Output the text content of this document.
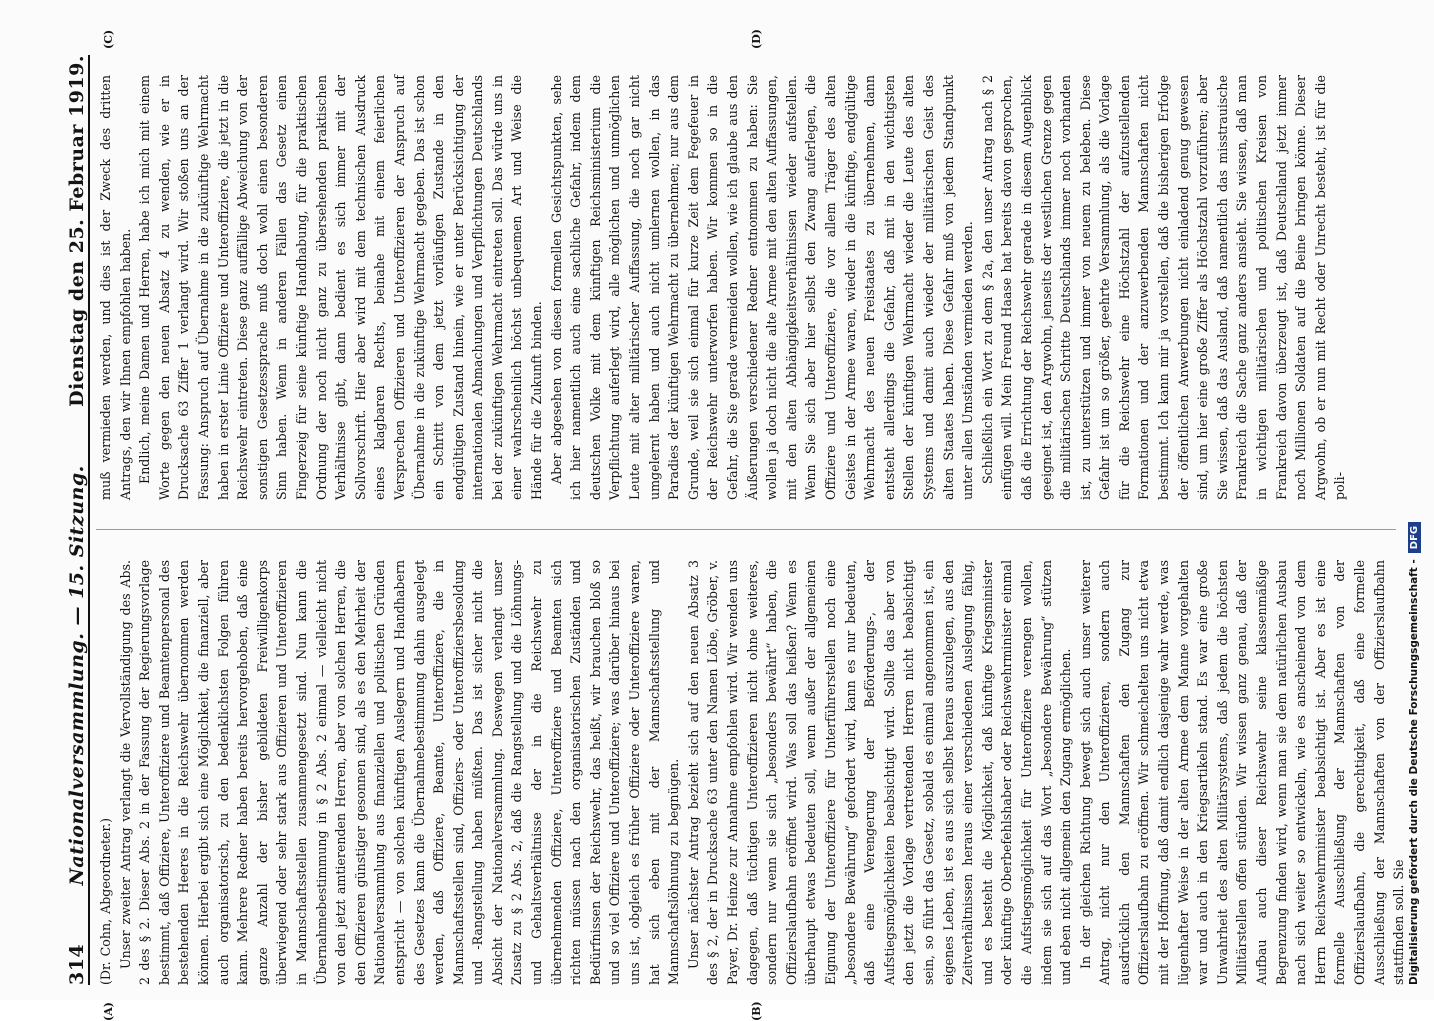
314
Nationalversammlung. — 15. Sitzung.
Dienstag den 25. Februar 1919.
(A)	(B)
(C)	(D)

(Dr. Cohn, Abgeordneter.) Unser zweiter Antrag verlangt die Vervollständigung des Abs. 2 des § 2. Dieser Abs. 2 in der Fassung der Regierungsvorlage bestimmt, daß Offiziere, Unteroffiziere und Beamtenpersonal des bestehenden Heeres in die Reichswehr übernommen werden können. Hierbei ergibt sich eine Möglichkeit, die finanziell, aber auch organisatorisch, zu den bedenklichsten Folgen führen kann. Mehrere Redner haben bereits hervorgehoben, daß eine ganze Anzahl der bisher gebildeten Freiwilligenkorps überwiegend oder sehr stark aus Offizieren und Unteroffizieren in Mannschaftsstellen zusammengesetzt sind. Nun kann die Übernahmebestimmung in § 2 Abs. 2 einmal — vielleicht nicht von den jetzt amtierenden Herren, aber von solchen Herren, die den Offizieren günstiger gesonnen sind, als es den Mehrheit der Nationalversammlung aus finanziellen und politischen Gründen entspricht — von solchen künftigen Auslegern und Handhabern des Gesetzes kann die Übernahmebestimmung dahin ausgelegt werden, daß Offiziere, Beamte, Unteroffiziere, die in Mannschaftsstellen sind, Offiziers- oder Unteroffiziersbesoldung und -Rangstellung haben müßten. Das ist sicher nicht die Absicht der Nationalversammlung. Deswegen verlangt unser Zusatz zu § 2 Abs. 2, daß die Rangstellung und die Löhnungs- und Gehaltsverhältnisse der in die Reichswehr zu übernehmenden Offiziere, Unteroffiziere und Beamten sich richten müssen nach den organisatorischen Zuständen und Bedürfnissen der Reichswehr, das heißt, wir brauchen bloß so und so viel Offiziere und Unteroffiziere; was darüber hinaus bei uns ist, obgleich es früher Offiziere oder Unteroffiziere waren, hat sich eben mit der Mannschaftsstellung und Mannschaftslöhnung zu begnügen. Unser nächster Antrag bezieht sich auf den neuen Absatz 3 des § 2, der in Drucksache 63 unter den Namen Löbe, Gröber, v. Payer, Dr. Heinze zur Annahme empfohlen wird. Wir wenden uns dagegen, daß tüchtigen Unteroffizieren nicht ohne weiteres, sondern nur wenn sie sich „besonders bewährt“ haben, die Offizierslaufbahn eröffnet wird. Was soll das heißen? Wenn es überhaupt etwas bedeuten soll, wenn außer der allgemeinen Eignung der Unteroffiziere für Unterführerstellen noch eine „besondere Bewährung“ gefordert wird, kann es nur bedeuten, daß eine Verengerung der Beförderungs-, der Aufstiegsmöglichkeiten beabsichtigt wird. Sollte das aber von den jetzt die Vorlage vertretenden Herren nicht beabsichtigt sein, so führt das Gesetz, sobald es einmal angenommen ist, ein eigenes Leben, ist es aus sich selbst heraus auszulegen, aus den Zeitverhältnissen heraus einer verschiedenen Auslegung fähig, und es besteht die Möglichkeit, daß künftige Kriegsminister oder künftige Oberbefehlshaber oder Reichswehrminister einmal die Aufstiegsmöglichkeit für Unteroffiziere verengen wollen, indem sie sich auf das Wort „besondere Bewährung“ stützen und eben nicht allgemein den Zugang ermöglichen. In der gleichen Richtung bewegt sich auch unser weiterer Antrag, nicht nur den Unteroffizieren, sondern auch ausdrücklich den Mannschaften den Zugang zur Offizierslaufbahn zu eröffnen. Wir schmeichelten uns nicht etwa mit der Hoffnung, daß damit endlich dasjenige wahr werde, was lügenhafter Weise in der alten Armee dem Manne vorgehalten war und auch in den Kriegsartikeln stand. Es war eine große Unwahrheit des alten Militärsystems, daß jedem die höchsten Militärstellen offen stünden. Wir wissen ganz genau, daß der Aufbau auch dieser Reichswehr seine klassenmäßige Begrenzung finden wird, wenn man sie dem natürlichen Ausbau nach sich weiter so entwickeln, wie es anscheinend von dem Herrn Reichswehrminister beabsichtigt ist. Aber es ist eine formelle Ausschließung der Mannschaften von der Offizierslaufbahn, die gerechtigkeit, daß eine formelle Ausschließung der Mannschaften von der Offizierslaufbahn stattfinden soll. Sie

muß vermieden werden, und dies ist der Zweck des dritten Antrags, den wir Ihnen empfohlen haben. Endlich, meine Damen und Herren, habe ich mich mit einem Worte gegen den neuen Absatz 4 zu wenden, wie er in Drucksache 63 Ziffer 1 verlangt wird. Wir stoßen uns an der Fassung: Anspruch auf Übernahme in die zukünftige Wehrmacht haben in erster Linie Offiziere und Unteroffiziere, die jetzt in die Reichswehr eintreten. Diese ganz auffällige Abweichung von der sonstigen Gesetzessprache muß doch wohl einen besonderen Sinn haben. Wenn in anderen Fällen das Gesetz einen Fingerzeig für seine künftige Handhabung, für die praktischen Ordnung der noch nicht ganz zu übersehenden praktischen Verhältnisse gibt, dann bedient es sich immer mit der Sollvorschrift. Hier aber wird mit dem technischen Ausdruck eines klagbaren Rechts, beinahe mit einem feierlichen Versprechen Offizieren und Unteroffizieren der Anspruch auf Übernahme in die zukünftige Wehrmacht gegeben. Das ist schon ein Schritt von dem jetzt vorläufigen Zustande in den endgültigen Zustand hinein, wie er unter Berücksichtigung der internationalen Abmachungen und Verpflichtungen Deutschlands bei der zukünftigen Wehrmacht eintreten soll. Das würde uns in einer wahrscheinlich höchst unbequemen Art und Weise die Hände für die Zukunft binden. Aber abgesehen von diesen formellen Gesichtspunkten, sehe ich hier namentlich auch eine sachliche Gefahr, indem dem deutschen Volke mit dem künftigen Reichsministerium die Verpflichtung auferlegt wird, alle möglichen und unmöglichen Leute mit alter militärischer Auffassung, die noch gar nicht umgelernt haben und auch nicht umlernen wollen, in das Paradies der künftigen Wehrmacht zu übernehmen; nur aus dem Grunde, weil sie sich einmal für kurze Zeit dem Fegefeuer in der Reichswehr unterworfen haben. Wir kommen so in die Gefahr, die Sie gerade vermeiden wollen, wie ich glaube aus den Äußerungen verschiedener Redner entnommen zu haben: Sie wollen ja doch nicht die alte Armee mit den alten Auffassungen, mit den alten Abhängigkeitsverhältnissen wieder aufstellen. Wenn Sie sich aber hier selbst den Zwang auferlegen, die Offiziere und Unteroffiziere, die vor allem Träger des alten Geistes in der Armee waren, wieder in die künftige, endgültige Wehrmacht des neuen Freistaates zu übernehmen, dann entsteht allerdings die Gefahr, daß mit in den wichtigsten Stellen der künftigen Wehrmacht wieder die Leute des alten Systems und damit auch wieder der militärischen Geist des alten Staates haben. Diese Gefahr muß von jedem Standpunkt unter allen Umständen vermieden werden. Schließlich ein Wort zu dem § 2a, den unser Antrag nach § 2 einfügen will. Mein Freund Haase hat bereits davon gesprochen, daß die Errichtung der Reichswehr gerade in diesem Augenblick geeignet ist, den Argwohn, jenseits der westlichen Grenze gegen die militärischen Schritte Deutschlands immer noch vorhanden ist, zu unterstützen und immer von neuem zu beleben. Diese Gefahr ist um so größer, geehrte Versammlung, als die Vorlage für die Reichswehr eine Höchstzahl der aufzustellenden Formationen und der anzuwerbenden Mannschaften nicht bestimmt. Ich kann mir ja vorstellen, daß die bisherigen Erfolge der öffentlichen Anwerbungen nicht einladend genug gewesen sind, um hier eine große Ziffer als Höchstzahl vorzuführen; aber Sie wissen, daß das Ausland, daß namentlich das misstrauische Frankreich die Sache ganz anders ansieht. Sie wissen, daß man in wichtigen militärischen und politischen Kreisen von Frankreich davon überzeugt ist, daß Deutschland jetzt immer noch Millionen Soldaten auf die Beine bringen könne. Dieser Argwohn, ob er nun mit Recht oder Unrecht besteht, ist für die poli-

Digitalisierung gefördert durch die Deutsche Forschungsgemeinschaft -DFG
